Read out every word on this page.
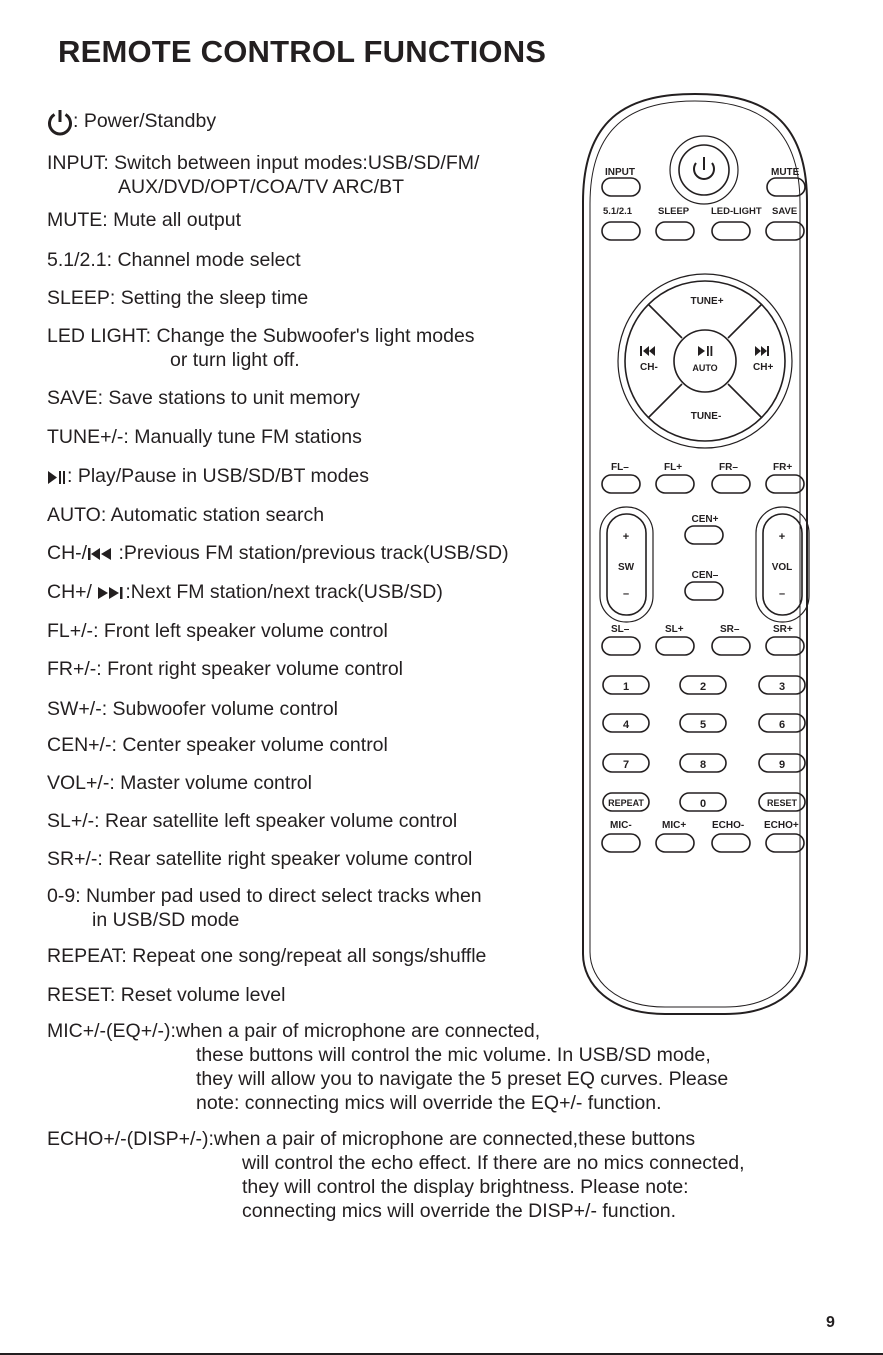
REMOTE CONTROL FUNCTIONS
: Power/Standby
INPUT: Switch between input modes:USB/SD/FM/
AUX/DVD/OPT/COA/TV ARC/BT
MUTE: Mute all output
5.1/2.1: Channel mode select
SLEEP: Setting the sleep time
LED LIGHT: Change the Subwoofer's light modes
or turn light off.
SAVE: Save stations to unit memory
TUNE+/-: Manually tune FM stations
: Play/Pause in USB/SD/BT modes
AUTO: Automatic station search
CH-/ :Previous FM station/previous track(USB/SD)
CH+/ :Next FM station/next track(USB/SD)
FL+/-: Front left speaker volume control
FR+/-: Front right speaker volume control
SW+/-: Subwoofer volume control
CEN+/-: Center speaker volume control
VOL+/-: Master volume control
SL+/-: Rear satellite left speaker volume control
SR+/-: Rear satellite right speaker volume control
0-9: Number pad used to direct select tracks when
in USB/SD mode
REPEAT: Repeat one song/repeat all songs/shuffle
RESET: Reset volume level
MIC+/-(EQ+/-):when a pair of microphone are connected,
these buttons will control the mic volume. In USB/SD mode,
they will allow you to navigate the 5 preset EQ curves. Please
note: connecting mics will override the EQ+/- function.
ECHO+/-(DISP+/-):when a pair of microphone are connected,these buttons
will control the echo effect. If there are no mics connected,
they will control the display brightness. Please note:
connecting mics will override the DISP+/- function.
INPUT	MUTE
5.1/2.1	SLEEP LED-LIGHT SAVE
AUTO
TUNE+
TUNE-
CH-	CH+
FL–	FL+	FR–	FR+
+
SW
–
CEN+
CEN–
+
VOL
–
SL–	SL+	SR–	SR+
1	2	3
4	5	6
7	8	9
REPEAT	0	RESET
MIC-	MIC+	ECHO- ECHO+
9
